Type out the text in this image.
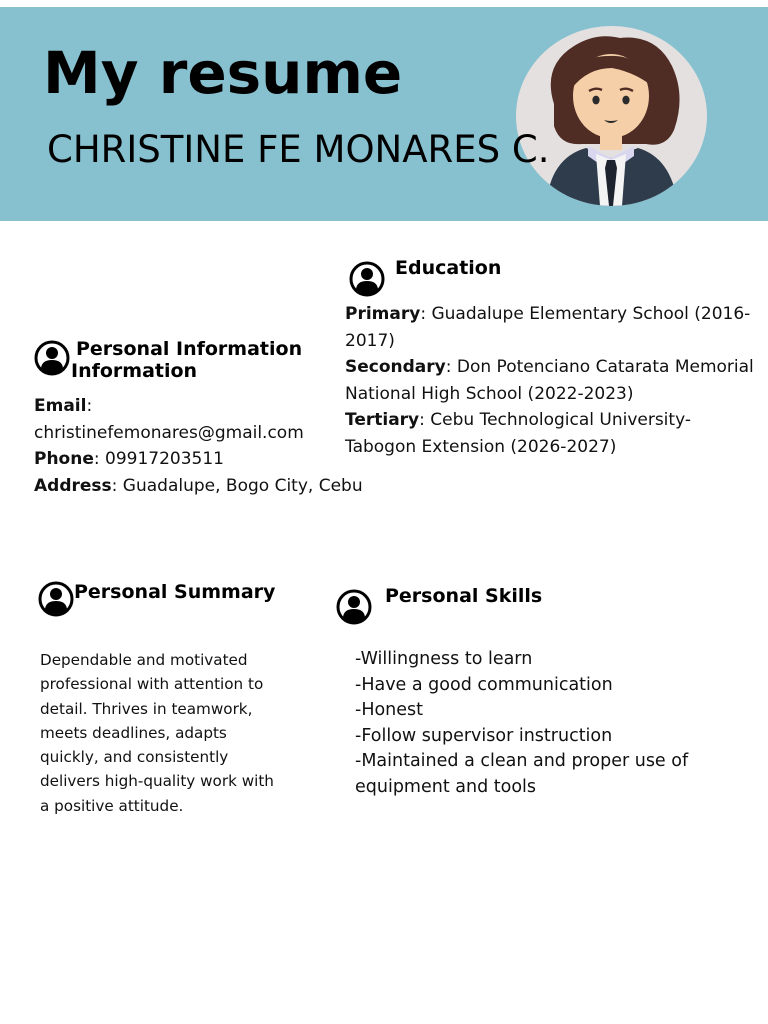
My resume
CHRISTINE FE MONARES C.
Education
Primary: Guadalupe Elementary School (2016-2017)
Secondary: Don Potenciano Catarata Memorial National High School (2022-2023)
Tertiary: Cebu Technological University- Tabogon Extension (2026-2027)
Personal Information
Information
Email:
christinefemonares@gmail.com
Phone: 09917203511
Address: Guadalupe, Bogo City, Cebu
Personal Summary
Dependable and motivated professional with attention to detail. Thrives in teamwork, meets deadlines, adapts quickly, and consistently delivers high-quality work with a positive attitude.
Personal Skills
-Willingness to learn
-Have a good communication
-Honest
-Follow supervisor instruction
-Maintained a clean and proper use of equipment and tools
